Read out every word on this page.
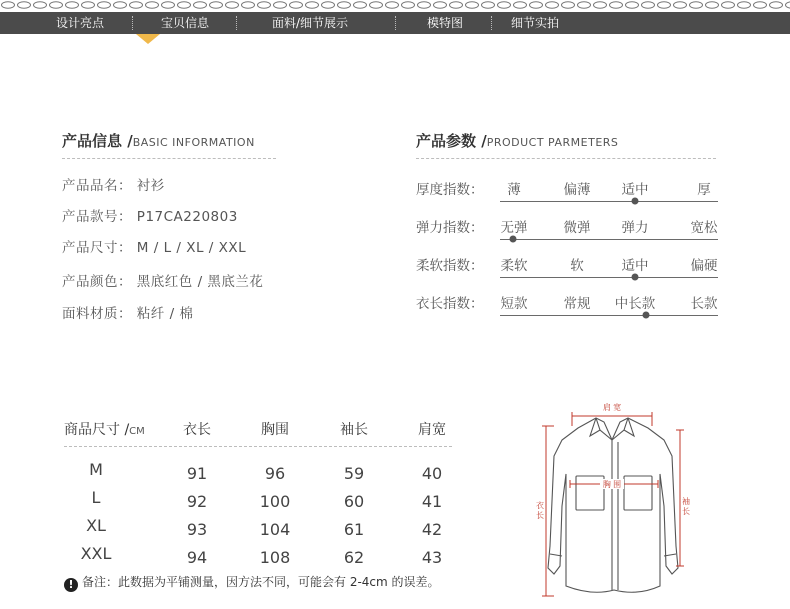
设计亮点	宝贝信息	面料/细节展示	模特图	细节实拍
产品信息 /BASIC INFORMATION
产品品名： 衬衫
产品款号： P17CA220803
产品尺寸： M / L / XL / XXL
产品颜色： 黑底红色 / 黑底兰花
面料材质： 粘纤 / 棉
产品参数 /PRODUCT PARMETERS
厚度指数： 薄	偏薄 适中	厚
弹力指数： 无弹	微弹 弹力	宽松
柔软指数： 柔软	软	适中	偏硬
衣长指数： 短款	常规 中长款	长款
商品尺寸 /CM	衣长	胸围	袖长	肩宽
M	91	96	59	40
L	92	100	60	41
XL	93	104	61	42
XXL	94	108	62	43
! 备注：此数据为平铺测量，因方法不同，可能会有 2-4cm 的误差。
肩 宽
胸 围
衣 长	袖 长
